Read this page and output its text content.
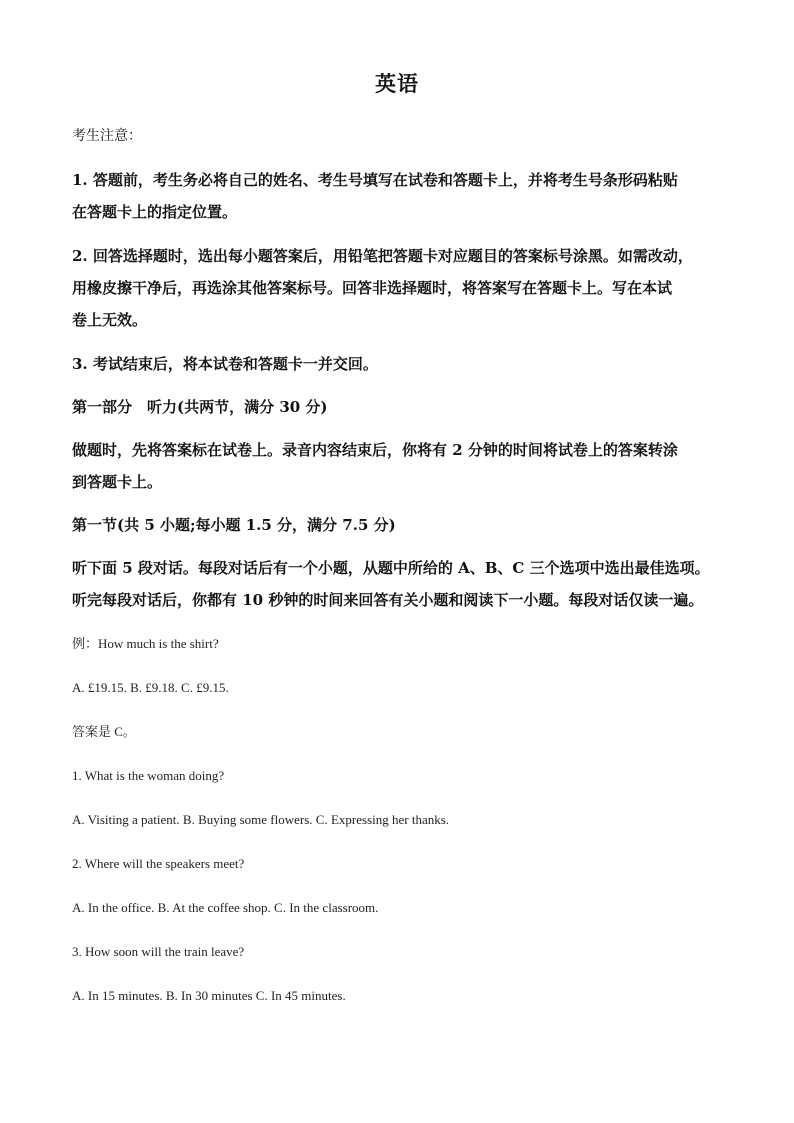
英语

考生注意：

1. 答题前，考生务必将自己的姓名、考生号填写在试卷和答题卡上，并将考生号条形码粘贴

在答题卡上的指定位置。

2. 回答选择题时，选出每小题答案后，用铅笔把答题卡对应题目的答案标号涂黑。如需改动，

用橡皮擦干净后，再选涂其他答案标号。回答非选择题时，将答案写在答题卡上。写在本试

卷上无效。

3. 考试结束后，将本试卷和答题卡一并交回。

第一部分　听力(共两节，满分 30 分)

做题时，先将答案标在试卷上。录音内容结束后，你将有 2 分钟的时间将试卷上的答案转涂

到答题卡上。

第一节(共 5 小题;每小题 1.5 分，满分 7.5 分)

听下面 5 段对话。每段对话后有一个小题，从题中所给的 A、B、C 三个选项中选出最佳选项。

听完每段对话后，你都有 10 秒钟的时间来回答有关小题和阅读下一小题。每段对话仅读一遍。

例：How much is the shirt?

A. £19.15. B. £9.18. C. £9.15.

答案是 C。

1. What is the woman doing?

A. Visiting a patient. B. Buying some flowers. C. Expressing her thanks.

2. Where will the speakers meet?

A. In the office. B. At the coffee shop. C. In the classroom.

3. How soon will the train leave?

A. In 15 minutes. B. In 30 minutes C. In 45 minutes.
